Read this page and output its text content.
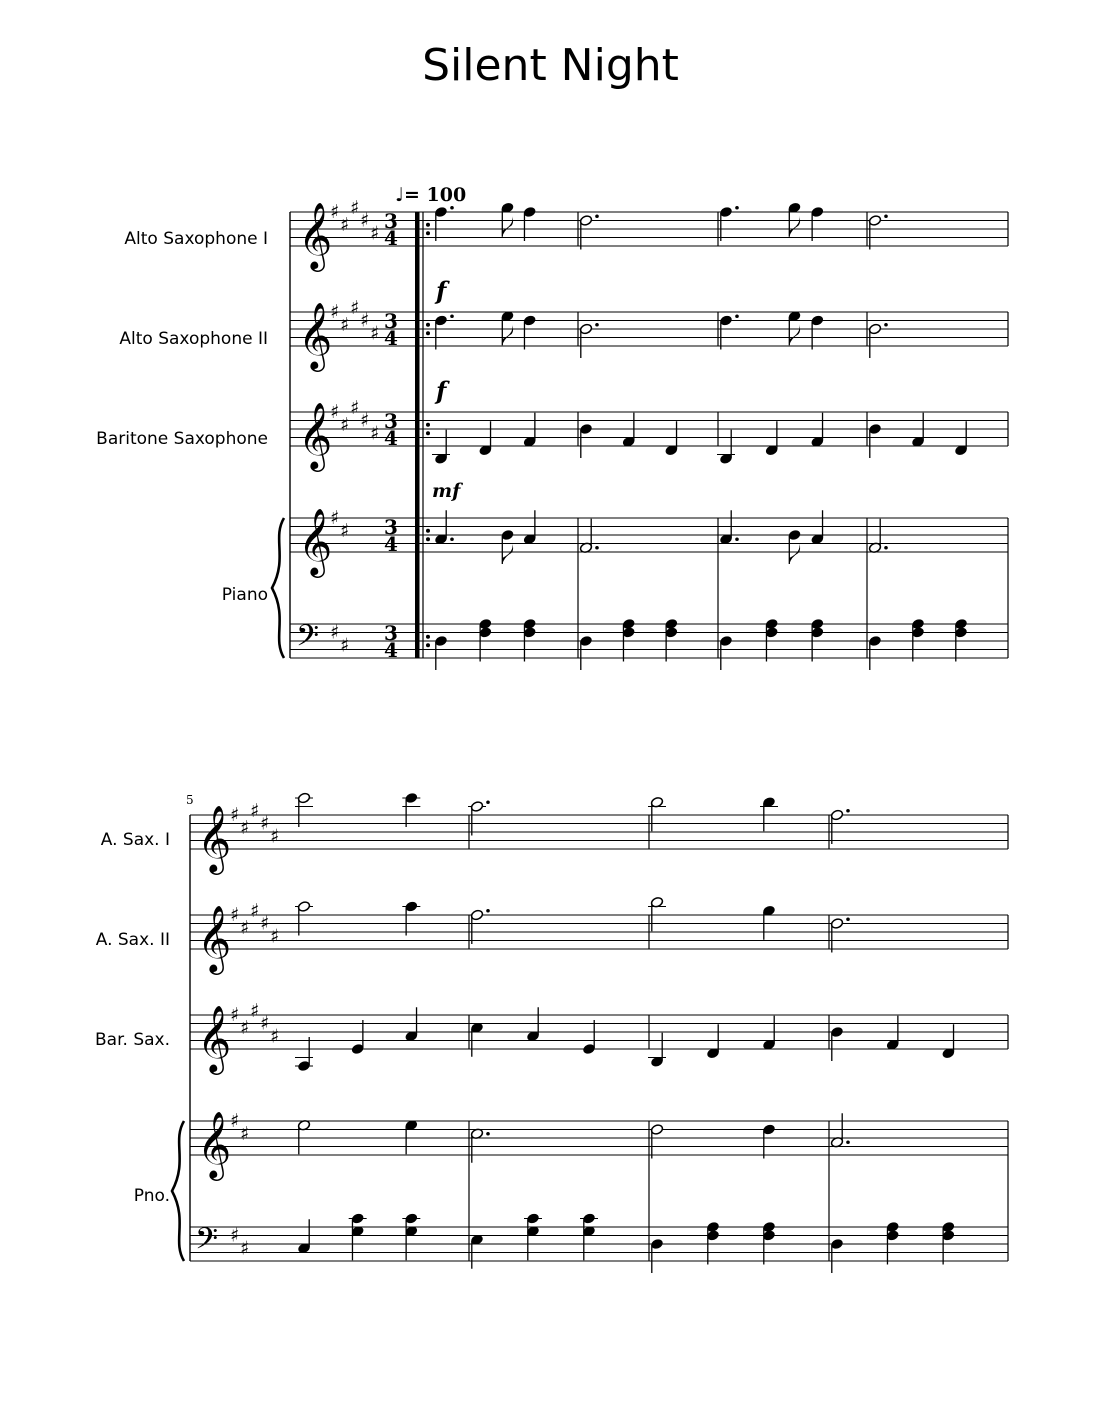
Silent Night
Alto Saxophone I
Alto Saxophone II
Baritone Saxophone
Piano
♩= 100
f
f
mf
5
A. Sax. I
A. Sax. II
Bar. Sax.
Pno.
𝄞
𝄞
𝄞
𝄞
𝄢
♯
♯
♯
♯
♯
♯
♯
♯
♯
♯
♯
♯
♯
♯
♯
♯
♯
♯
♯
3
4
3
4
3
4
3
4
3
4
𝄞
𝄞
𝄞
𝄞
𝄢
♯
♯
♯
♯
♯
♯
♯
♯
♯
♯
♯
♯
♯
♯
♯
♯
♯
♯
♯
